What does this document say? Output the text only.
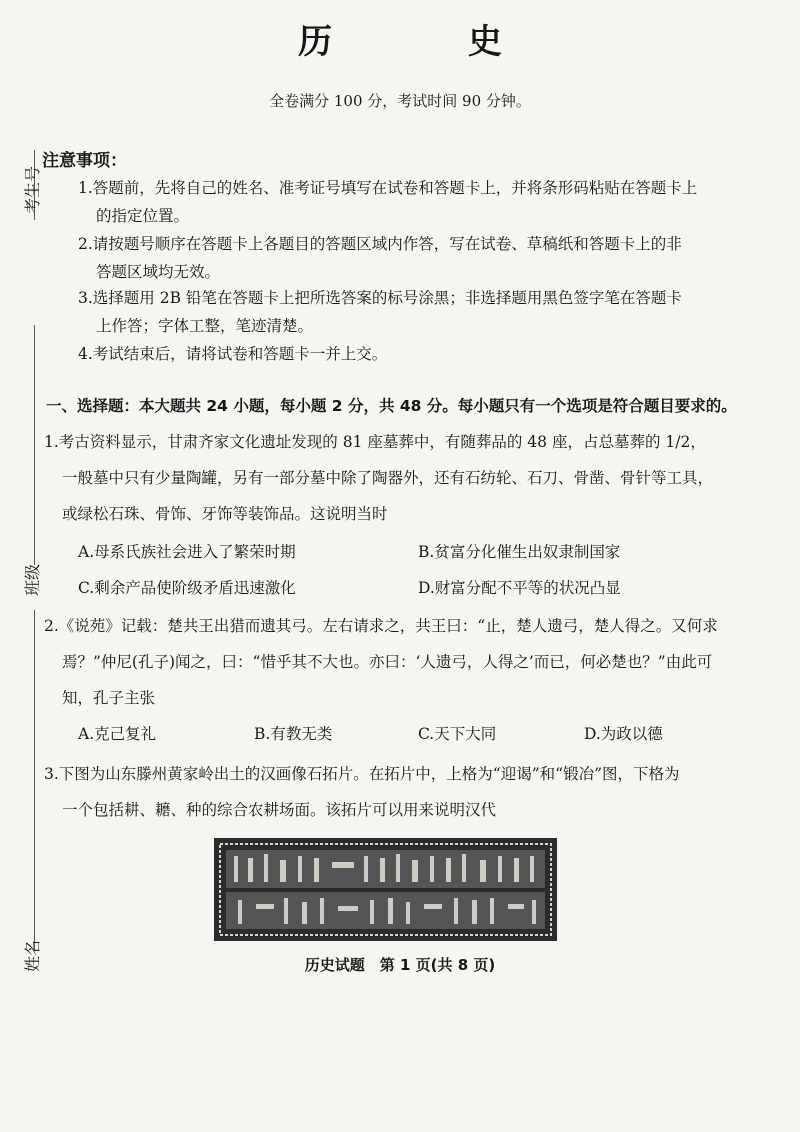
考生号
班级
姓名
历 史
全卷满分 100 分，考试时间 90 分钟。
注意事项：
1.答题前，先将自己的姓名、准考证号填写在试卷和答题卡上，并将条形码粘贴在答题卡上
的指定位置。
2.请按题号顺序在答题卡上各题目的答题区域内作答，写在试卷、草稿纸和答题卡上的非
答题区域均无效。
3.选择题用 2B 铅笔在答题卡上把所选答案的标号涂黑；非选择题用黑色签字笔在答题卡
上作答；字体工整，笔迹清楚。
4.考试结束后，请将试卷和答题卡一并上交。
一、选择题：本大题共 24 小题，每小题 2 分，共 48 分。每小题只有一个选项是符合题目要求的。
1.考古资料显示，甘肃齐家文化遗址发现的 81 座墓葬中，有随葬品的 48 座，占总墓葬的 1/2，
一般墓中只有少量陶罐，另有一部分墓中除了陶器外，还有石纺轮、石刀、骨凿、骨针等工具，
或绿松石珠、骨饰、牙饰等装饰品。这说明当时
A.母系氏族社会进入了繁荣时期	B.贫富分化催生出奴隶制国家
C.剩余产品使阶级矛盾迅速激化	D.财富分配不平等的状况凸显
2.《说苑》记载：楚共王出猎而遗其弓。左右请求之，共王曰：“止，楚人遗弓，楚人得之。又何求
焉？”仲尼(孔子)闻之，曰：“惜乎其不大也。亦曰：‘人遗弓，人得之’而已，何必楚也？”由此可
知，孔子主张
A.克己复礼	B.有教无类	C.天下大同	D.为政以德
3.下图为山东滕州黄家岭出土的汉画像石拓片。在拓片中，上格为“迎谒”和“锻冶”图，下格为
一个包括耕、耱、种的综合农耕场面。该拓片可以用来说明汉代
历史试题　第 1 页(共 8 页)
